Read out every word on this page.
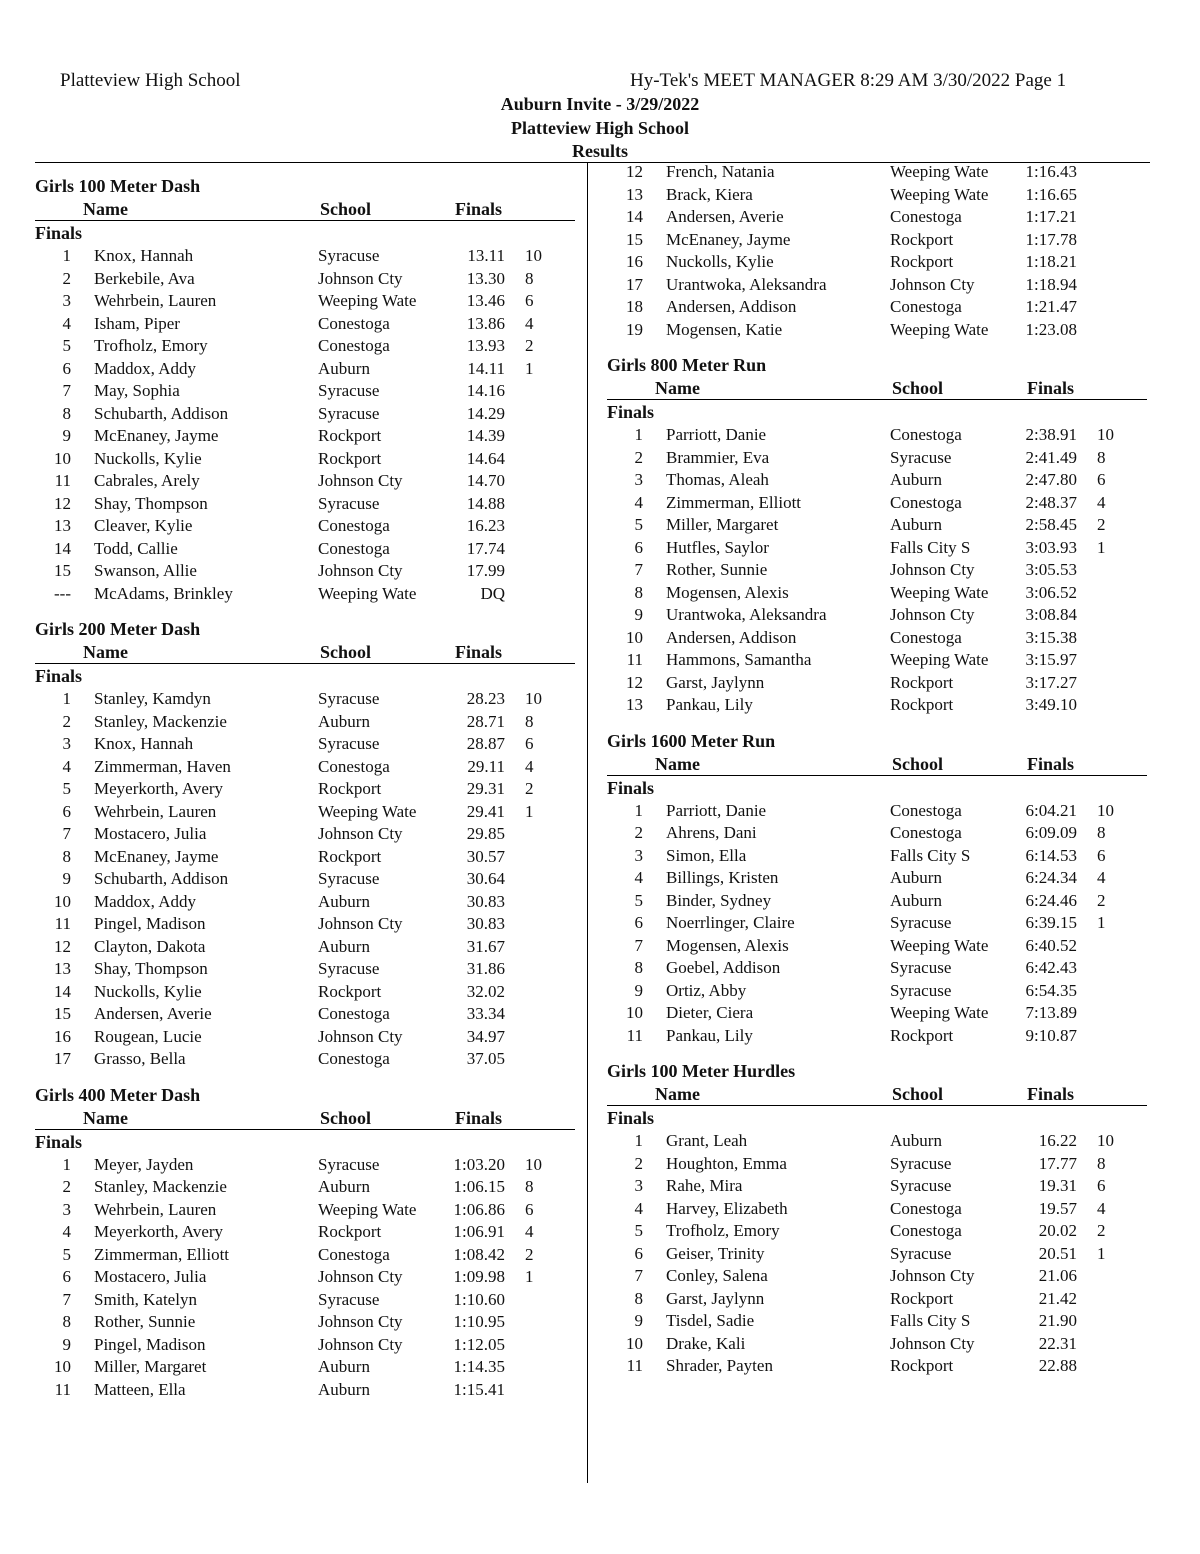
Platteview High School	Hy-Tek's MEET MANAGER 8:29 AM 3/30/2022 Page 1
Auburn Invite - 3/29/2022
Platteview High School
Results
Girls 100 Meter Dash
Name	School	Finals
Finals
1 Knox, Hannah	Syracuse	13.11 10
2 Berkebile, Ava	Johnson Cty	13.30 8
3 Wehrbein, Lauren	Weeping Wate	13.46 6
4 Isham, Piper	Conestoga	13.86 4
5 Trofholz, Emory	Conestoga	13.93 2
6 Maddox, Addy	Auburn	14.11 1
7 May, Sophia	Syracuse	14.16
8 Schubarth, Addison	Syracuse	14.29
9 McEnaney, Jayme	Rockport	14.39
10 Nuckolls, Kylie	Rockport	14.64
11 Cabrales, Arely	Johnson Cty	14.70
12 Shay, Thompson	Syracuse	14.88
13 Cleaver, Kylie	Conestoga	16.23
14 Todd, Callie	Conestoga	17.74
15 Swanson, Allie	Johnson Cty	17.99
--- McAdams, Brinkley	Weeping Wate	DQ
Girls 200 Meter Dash
Name	School	Finals
Finals
1 Stanley, Kamdyn	Syracuse	28.23 10
2 Stanley, Mackenzie	Auburn	28.71 8
3 Knox, Hannah	Syracuse	28.87 6
4 Zimmerman, Haven	Conestoga	29.11 4
5 Meyerkorth, Avery	Rockport	29.31 2
6 Wehrbein, Lauren	Weeping Wate	29.41 1
7 Mostacero, Julia	Johnson Cty	29.85
8 McEnaney, Jayme	Rockport	30.57
9 Schubarth, Addison	Syracuse	30.64
10 Maddox, Addy	Auburn	30.83
11 Pingel, Madison	Johnson Cty	30.83
12 Clayton, Dakota	Auburn	31.67
13 Shay, Thompson	Syracuse	31.86
14 Nuckolls, Kylie	Rockport	32.02
15 Andersen, Averie	Conestoga	33.34
16 Rougean, Lucie	Johnson Cty	34.97
17 Grasso, Bella	Conestoga	37.05
Girls 400 Meter Dash
Name	School	Finals
Finals
1 Meyer, Jayden	Syracuse	1:03.20 10
2 Stanley, Mackenzie	Auburn	1:06.15 8
3 Wehrbein, Lauren	Weeping Wate	1:06.86 6
4 Meyerkorth, Avery	Rockport	1:06.91 4
5 Zimmerman, Elliott	Conestoga	1:08.42 2
6 Mostacero, Julia	Johnson Cty	1:09.98 1
7 Smith, Katelyn	Syracuse	1:10.60
8 Rother, Sunnie	Johnson Cty	1:10.95
9 Pingel, Madison	Johnson Cty	1:12.05
10 Miller, Margaret	Auburn	1:14.35
11 Matteen, Ella	Auburn	1:15.41
12 French, Natania	Weeping Wate	1:16.43
13 Brack, Kiera	Weeping Wate	1:16.65
14 Andersen, Averie	Conestoga	1:17.21
15 McEnaney, Jayme	Rockport	1:17.78
16 Nuckolls, Kylie	Rockport	1:18.21
17 Urantwoka, Aleksandra	Johnson Cty	1:18.94
18 Andersen, Addison	Conestoga	1:21.47
19 Mogensen, Katie	Weeping Wate	1:23.08
Girls 800 Meter Run
Name	School	Finals
Finals
1 Parriott, Danie	Conestoga	2:38.91 10
2 Brammier, Eva	Syracuse	2:41.49 8
3 Thomas, Aleah	Auburn	2:47.80 6
4 Zimmerman, Elliott	Conestoga	2:48.37 4
5 Miller, Margaret	Auburn	2:58.45 2
6 Hutfles, Saylor	Falls City S	3:03.93 1
7 Rother, Sunnie	Johnson Cty	3:05.53
8 Mogensen, Alexis	Weeping Wate	3:06.52
9 Urantwoka, Aleksandra	Johnson Cty	3:08.84
10 Andersen, Addison	Conestoga	3:15.38
11 Hammons, Samantha	Weeping Wate	3:15.97
12 Garst, Jaylynn	Rockport	3:17.27
13 Pankau, Lily	Rockport	3:49.10
Girls 1600 Meter Run
Name	School	Finals
Finals
1 Parriott, Danie	Conestoga	6:04.21 10
2 Ahrens, Dani	Conestoga	6:09.09 8
3 Simon, Ella	Falls City S	6:14.53 6
4 Billings, Kristen	Auburn	6:24.34 4
5 Binder, Sydney	Auburn	6:24.46 2
6 Noerrlinger, Claire	Syracuse	6:39.15 1
7 Mogensen, Alexis	Weeping Wate	6:40.52
8 Goebel, Addison	Syracuse	6:42.43
9 Ortiz, Abby	Syracuse	6:54.35
10 Dieter, Ciera	Weeping Wate	7:13.89
11 Pankau, Lily	Rockport	9:10.87
Girls 100 Meter Hurdles
Name	School	Finals
Finals
1 Grant, Leah	Auburn	16.22 10
2 Houghton, Emma	Syracuse	17.77 8
3 Rahe, Mira	Syracuse	19.31 6
4 Harvey, Elizabeth	Conestoga	19.57 4
5 Trofholz, Emory	Conestoga	20.02 2
6 Geiser, Trinity	Syracuse	20.51 1
7 Conley, Salena	Johnson Cty	21.06
8 Garst, Jaylynn	Rockport	21.42
9 Tisdel, Sadie	Falls City S	21.90
10 Drake, Kali	Johnson Cty	22.31
11 Shrader, Payten	Rockport	22.88
